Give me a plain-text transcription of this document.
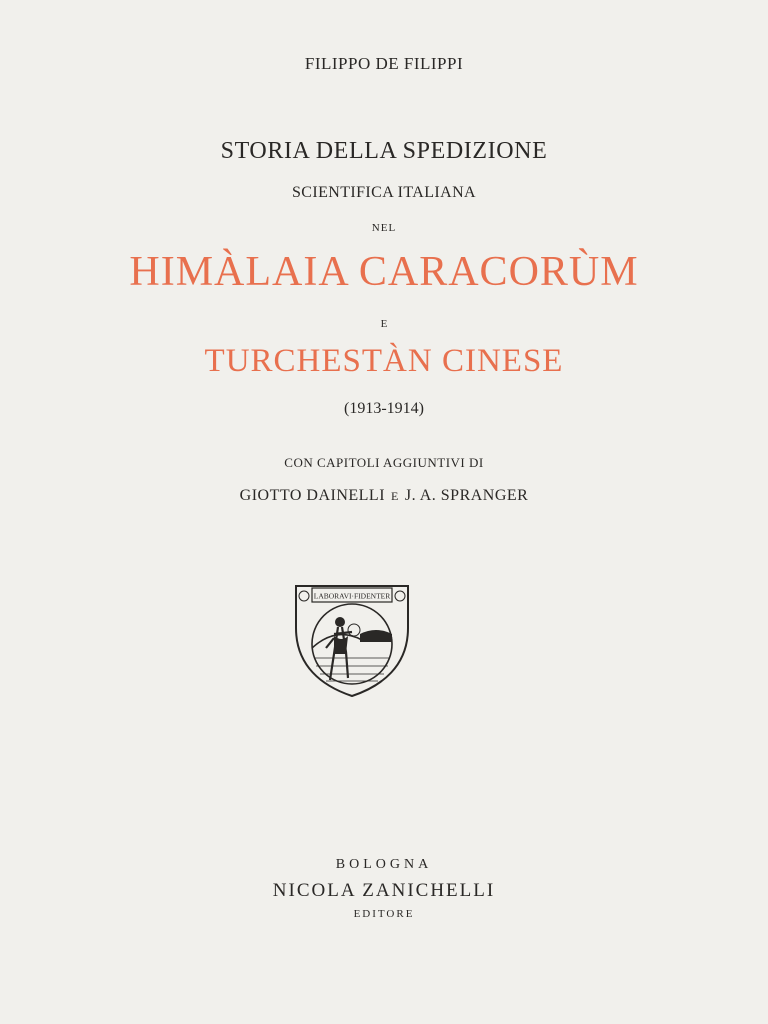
FILIPPO DE FILIPPI
STORIA DELLA SPEDIZIONE
SCIENTIFICA ITALIANA
NEL
HIMÀLAIA CARACORÙM
E
TURCHESTÀN CINESE
(1913-1914)
CON CAPITOLI AGGIUNTIVI DI
GIOTTO DAINELLI E J. A. SPRANGER
LABORAVI·FIDENTER
BOLOGNA
NICOLA ZANICHELLI
EDITORE
